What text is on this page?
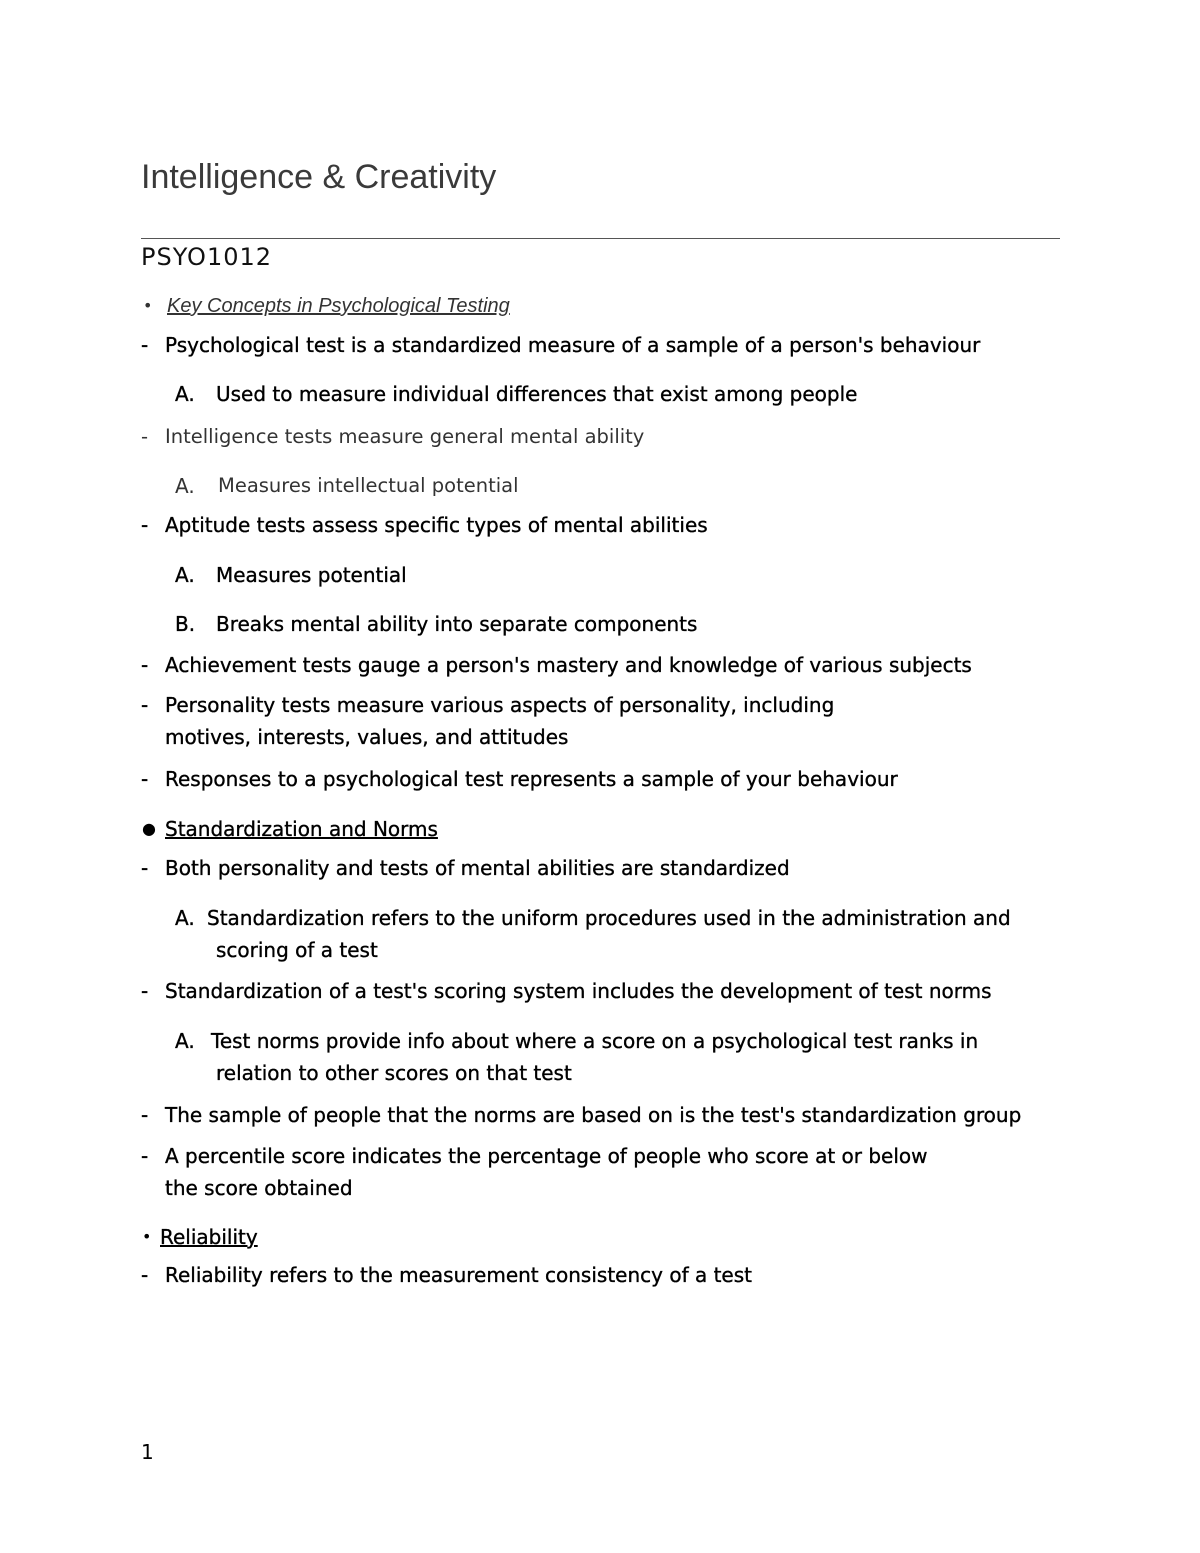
Intelligence & Creativity
PSYO1012
• Key Concepts in Psychological Testing
- Psychological test is a standardized measure of a sample of a person's behaviour
A. Used to measure individual differences that exist among people
- Intelligence tests measure general mental ability
A. Measures intellectual potential
- Aptitude tests assess specific types of mental abilities
A. Measures potential
B. Breaks mental ability into separate components
- Achievement tests gauge a person's mastery and knowledge of various subjects
- Personality tests measure various aspects of personality, including
motives, interests, values, and attitudes
- Responses to a psychological test represents a sample of your behaviour
● Standardization and Norms
- Both personality and tests of mental abilities are standardized
A. Standardization refers to the uniform procedures used in the administration and
scoring of a test
- Standardization of a test's scoring system includes the development of test norms
A. Test norms provide info about where a score on a psychological test ranks in
relation to other scores on that test
- The sample of people that the norms are based on is the test's standardization group
- A percentile score indicates the percentage of people who score at or below
the score obtained
• Reliability
- Reliability refers to the measurement consistency of a test
1
